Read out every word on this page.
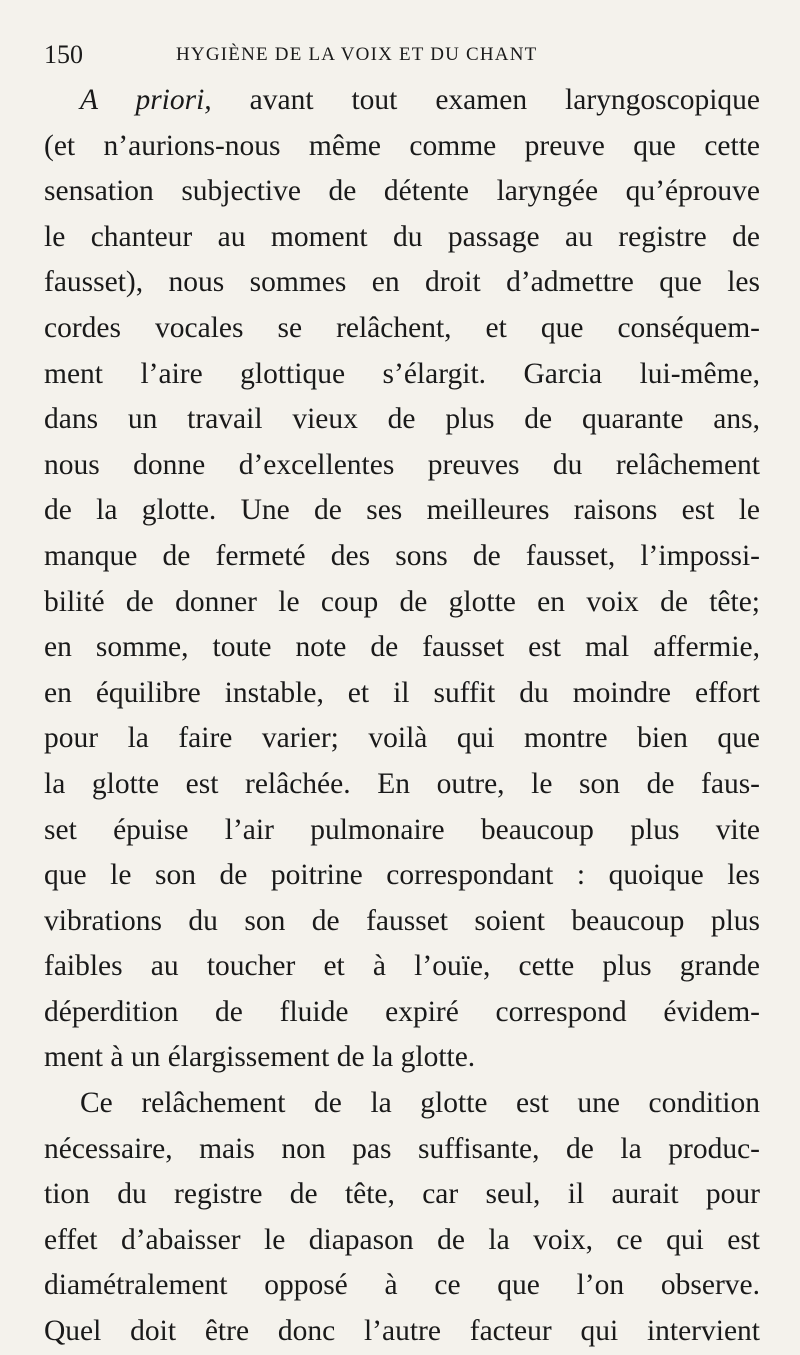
150	HYGIÈNE DE LA VOIX ET DU CHANT

A priori, avant tout examen laryngoscopique
(et n’aurions-nous même comme preuve que cette
sensation subjective de détente laryngée qu’éprouve
le chanteur au moment du passage au registre de
fausset), nous sommes en droit d’admettre que les
cordes vocales se relâchent, et que conséquem-
ment l’aire glottique s’élargit. Garcia lui-même,
dans un travail vieux de plus de quarante ans,
nous donne d’excellentes preuves du relâchement
de la glotte. Une de ses meilleures raisons est le
manque de fermeté des sons de fausset, l’impossi-
bilité de donner le coup de glotte en voix de tête;
en somme, toute note de fausset est mal affermie,
en équilibre instable, et il suffit du moindre effort
pour la faire varier; voilà qui montre bien que
la glotte est relâchée. En outre, le son de faus-
set épuise l’air pulmonaire beaucoup plus vite
que le son de poitrine correspondant : quoique les
vibrations du son de fausset soient beaucoup plus
faibles au toucher et à l’ouïe, cette plus grande
déperdition de fluide expiré correspond évidem-
ment à un élargissement de la glotte.

Ce relâchement de la glotte est une condition
nécessaire, mais non pas suffisante, de la produc-
tion du registre de tête, car seul, il aurait pour
effet d’abaisser le diapason de la voix, ce qui est
diamétralement opposé à ce que l’on observe.
Quel doit être donc l’autre facteur qui intervient
